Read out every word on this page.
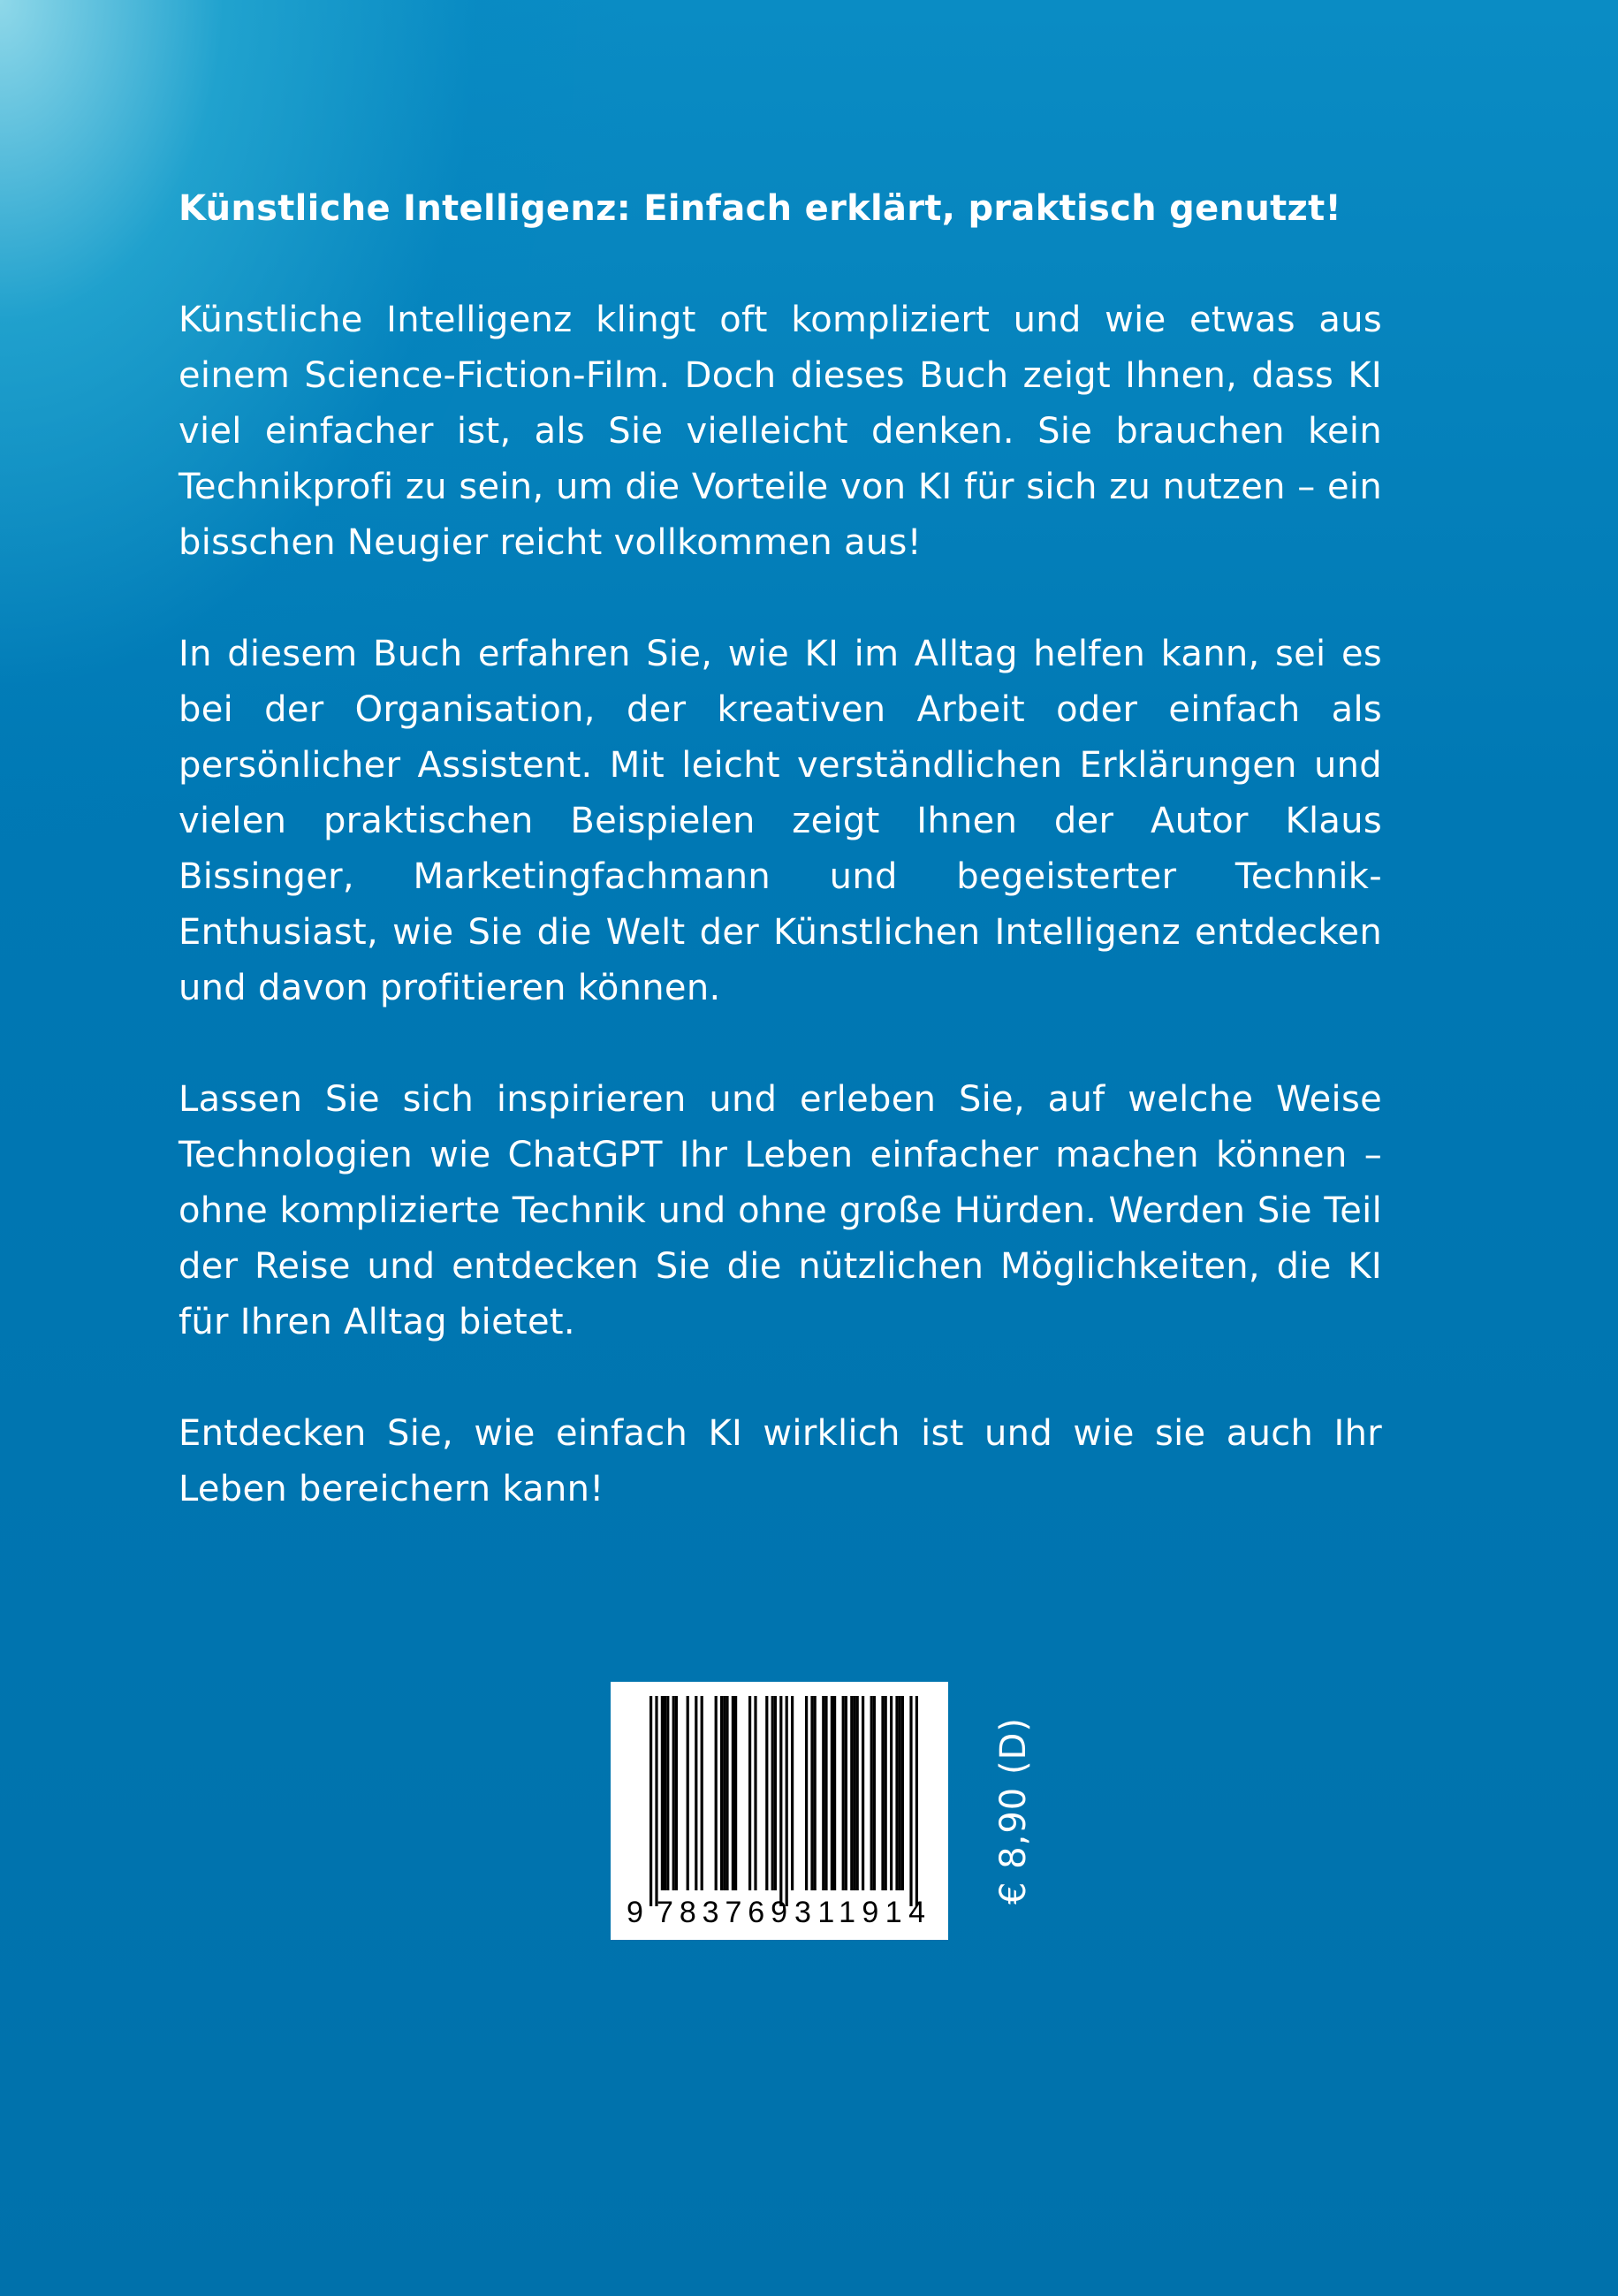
Künstliche Intelligenz: Einfach erklärt, praktisch genutzt!

Künstliche Intelligenz klingt oft kompliziert und wie etwas aus einem Science-Fiction-Film. Doch dieses Buch zeigt Ihnen, dass KI viel einfacher ist, als Sie vielleicht denken. Sie brauchen kein Technikprofi zu sein, um die Vorteile von KI für sich zu nutzen – ein bisschen Neugier reicht vollkommen aus!

In diesem Buch erfahren Sie, wie KI im Alltag helfen kann, sei es bei der Organisation, der kreativen Arbeit oder einfach als persönlicher Assistent. Mit leicht verständlichen Erklärungen und vielen praktischen Beispielen zeigt Ihnen der Autor Klaus Bissinger, Marketingfachmann und begeisterter Technik-Enthusiast, wie Sie die Welt der Künstlichen Intelligenz entdecken und davon profitieren können.

Lassen Sie sich inspirieren und erleben Sie, auf welche Weise Technologien wie ChatGPT Ihr Leben einfacher machen können – ohne komplizierte Technik und ohne große Hürden. Werden Sie Teil der Reise und entdecken Sie die nützlichen Möglichkeiten, die KI für Ihren Alltag bietet.

Entdecken Sie, wie einfach KI wirklich ist und wie sie auch Ihr Leben bereichern kann!

9 783769 311914
€ 8,90 (D)
